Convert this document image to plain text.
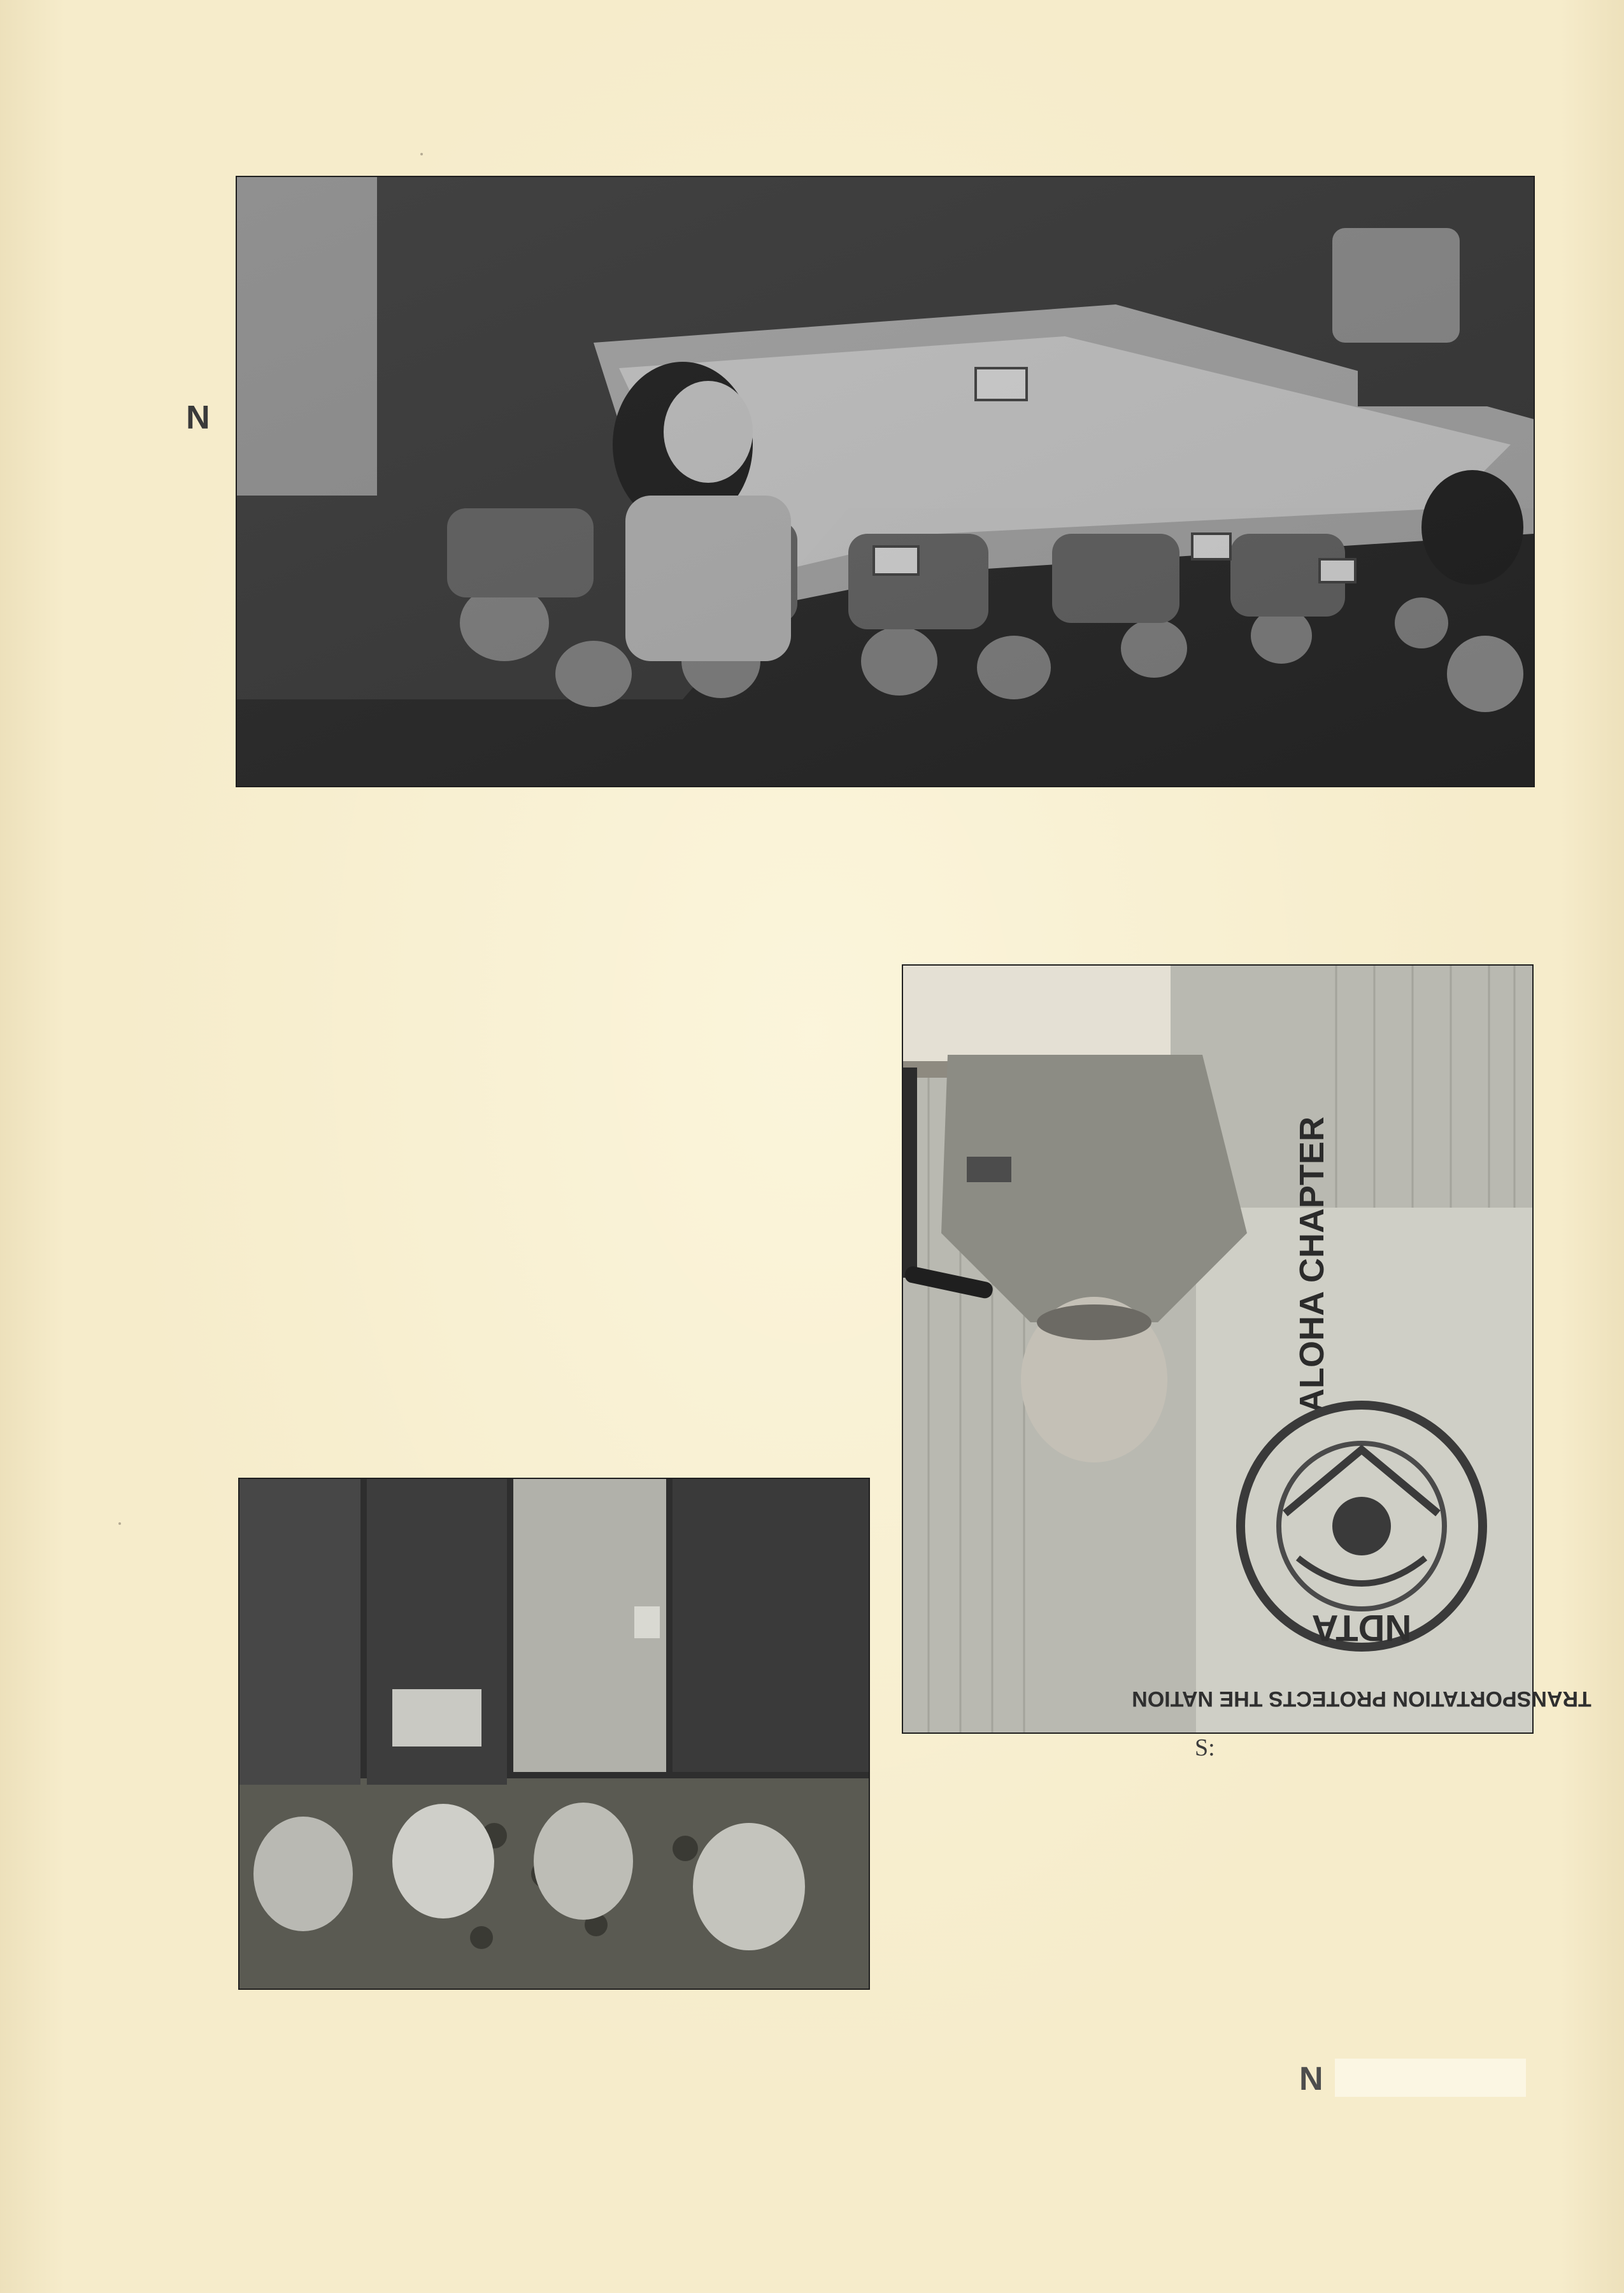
N
ALOHA CHAPTER
NDTA
TRANSPORTATION PROTECTS THE NATION
S:
N
